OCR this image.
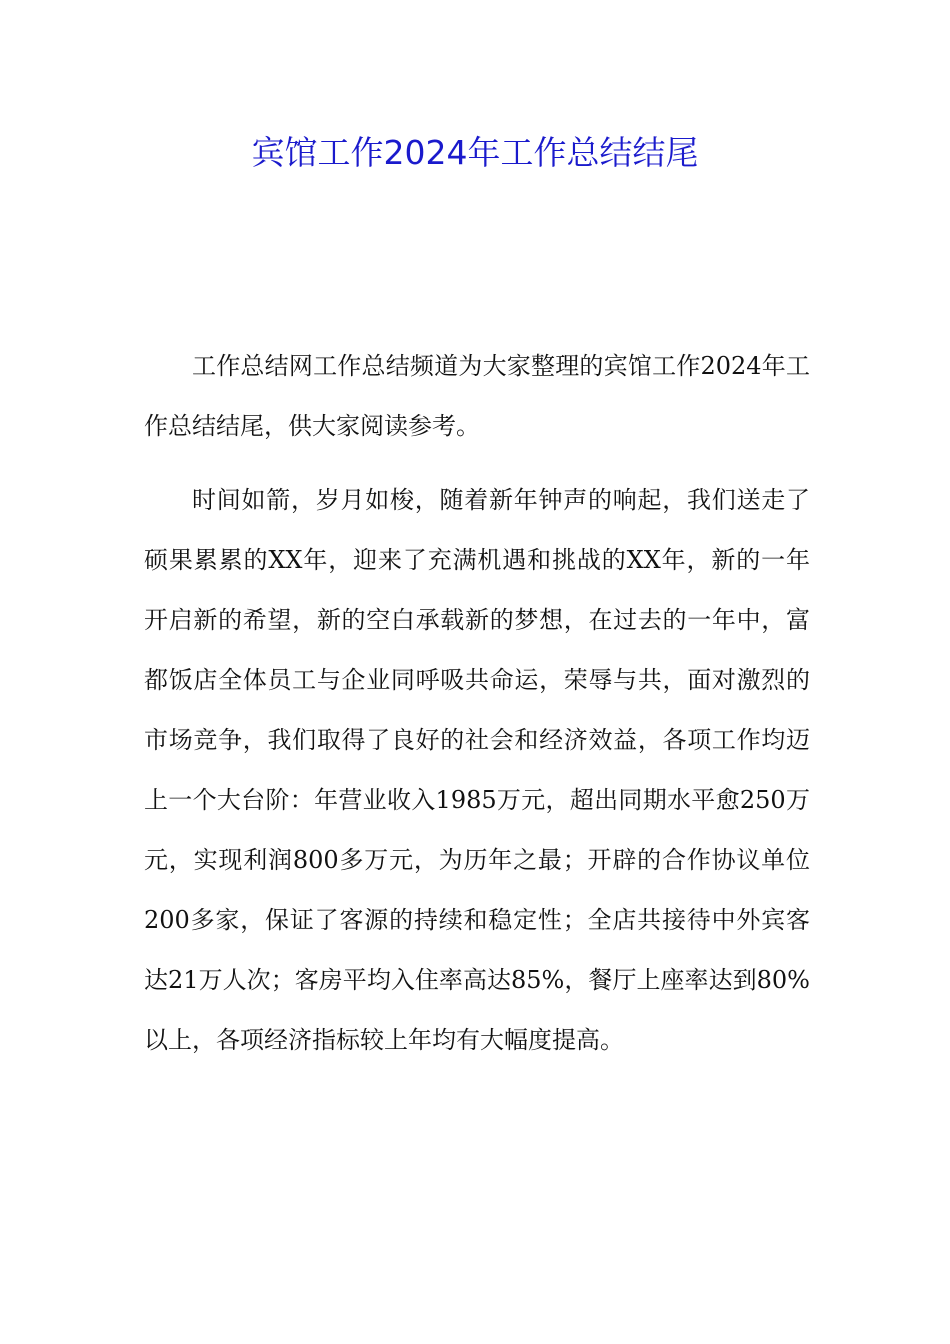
宾馆工作2024年工作总结结尾

工作总结网工作总结频道为大家整理的宾馆工作2024年工作总结结尾，供大家阅读参考。

时间如箭，岁月如梭，随着新年钟声的响起，我们送走了硕果累累的XX年，迎来了充满机遇和挑战的XX年，新的一年开启新的希望，新的空白承载新的梦想，在过去的一年中，富都饭店全体员工与企业同呼吸共命运，荣辱与共，面对激烈的市场竞争，我们取得了良好的社会和经济效益，各项工作均迈上一个大台阶：年营业收入1985万元，超出同期水平愈250万元，实现利润800多万元，为历年之最；开辟的合作协议单位200多家，保证了客源的持续和稳定性；全店共接待中外宾客达21万人次；客房平均入住率高达85%，餐厅上座率达到80%以上，各项经济指标较上年均有大幅度提高。
